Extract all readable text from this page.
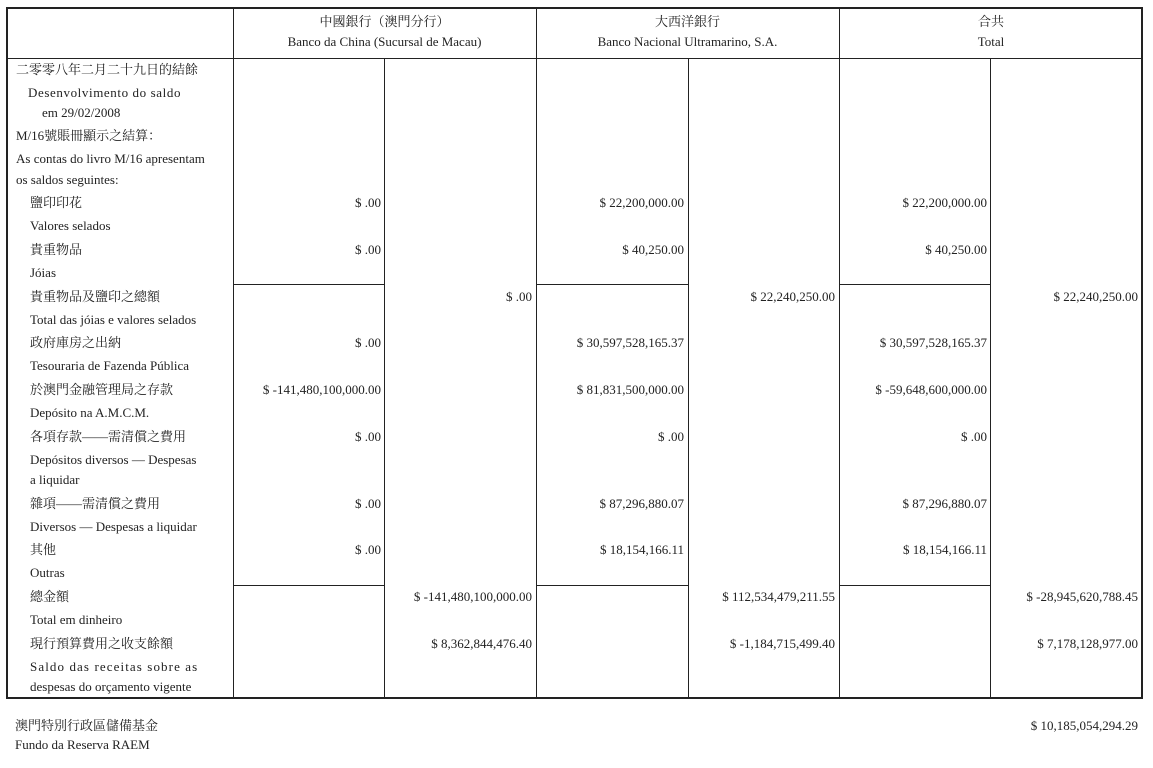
中國銀行（澳門分行）
Banco da China (Sucursal de Macau)
大西洋銀行
Banco Nacional Ultramarino, S.A.
合共
Total
二零零八年二月二十九日的結餘
Desenvolvimento do saldo
em 29/02/2008
M/16號賬冊顯示之結算：
As contas do livro M/16 apresentam
os saldos seguintes:
鹽印印花
Valores selados
$ .00	$ 22,200,000.00	$ 22,200,000.00
貴重物品
Jóias
$ .00	$ 40,250.00	$ 40,250.00
貴重物品及鹽印之總額
Total das jóias e valores selados
$ .00	$ 22,240,250.00	$ 22,240,250.00
政府庫房之出納
Tesouraria de Fazenda Pública
$ .00	$ 30,597,528,165.37	$ 30,597,528,165.37
於澳門金融管理局之存款
Depósito na A.M.C.M.
$ -141,480,100,000.00	$ 81,831,500,000.00	$ -59,648,600,000.00
各項存款——需清償之費用
Depósitos diversos — Despesas
a liquidar
$ .00	$ .00	$ .00
雜項——需清償之費用
Diversos — Despesas a liquidar
$ .00	$ 87,296,880.07	$ 87,296,880.07
其他
Outras
$ .00	$ 18,154,166.11	$ 18,154,166.11
總金額
Total em dinheiro
$ -141,480,100,000.00	$ 112,534,479,211.55	$ -28,945,620,788.45
現行預算費用之收支餘額
Saldo das receitas sobre as
despesas do orçamento vigente
$ 8,362,844,476.40	$ -1,184,715,499.40	$ 7,178,128,977.00
澳門特別行政區儲備基金
Fundo da Reserva RAEM
$ 10,185,054,294.29
